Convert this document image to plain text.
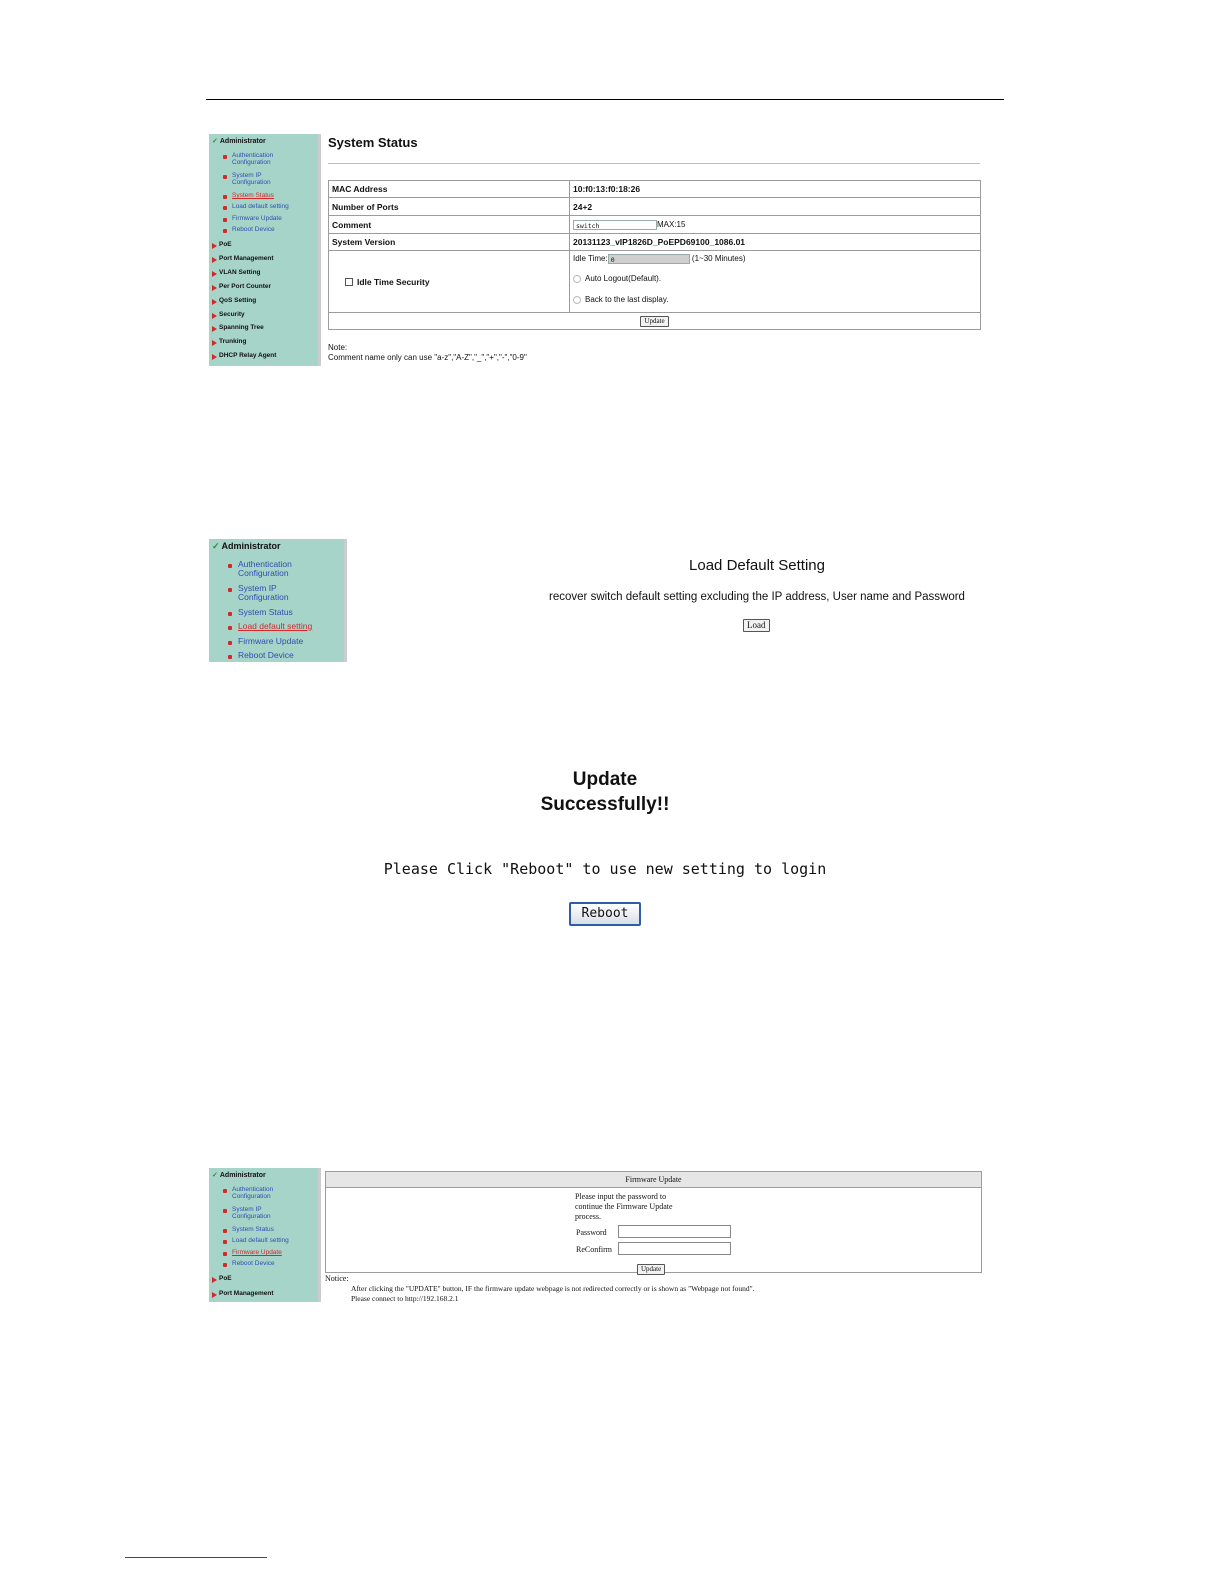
✓ Administrator
Authentication
Configuration
System IP
Configuration
System Status
Load default setting
Firmware Update
Reboot Device
PoE
Port Management
VLAN Setting
Per Port Counter
QoS Setting
Security
Spanning Tree
Trunking
DHCP Relay Agent
System Status
MAC Address	10:f0:13:f0:18:26
Number of Ports	24+2
Comment	switch MAX:15
System Version	20131123_vIP1826D_PoEPD69100_1086.01
Idle Time Security	Idle Time: 0 (1~30 Minutes)
Auto Logout(Default).
Back to the last display.

Update	
Note:
Comment name only can use "a-z","A-Z","_","+","-","0-9"
✓ Administrator
Authentication
Configuration
System IP
Configuration
System Status
Load default setting
Firmware Update
Reboot Device
Load Default Setting
recover switch default setting excluding the IP address, User name and Password
Load
Update
Successfully!!
Please Click "Reboot" to use new setting to login
Reboot
✓ Administrator
Authentication
Configuration
System IP
Configuration
System Status
Load default setting
Firmware Update
Reboot Device
PoE
Port Management
Firmware Update
Please input the password to
continue the Firmware Update
process.
Password
ReConfirm
Update
Notice:
After clicking the "UPDATE" button, IF the firmware update webpage is not redirected correctly or is shown as "Webpage not found".
Please connect to http://192.168.2.1
